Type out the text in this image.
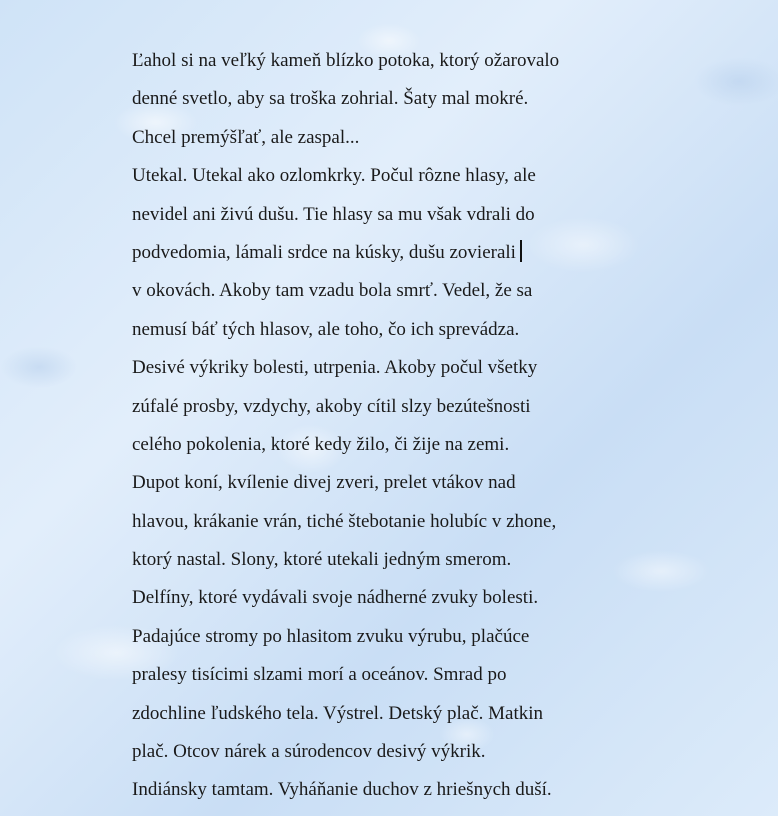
Ľahol si na veľký kameň blízko potoka, ktorý ožarovalo
denné svetlo, aby sa troška zohrial. Šaty mal mokré.
Chcel premýšľať, ale zaspal...
Utekal. Utekal ako ozlomkrky. Počul rôzne hlasy, ale
nevidel ani živú dušu. Tie hlasy sa mu však vdrali do
podvedomia, lámali srdce na kúsky, dušu zovierali
v okovách. Akoby tam vzadu bola smrť. Vedel, že sa
nemusí báť tých hlasov, ale toho, čo ich sprevádza.
Desivé výkriky bolesti, utrpenia. Akoby počul všetky
zúfalé prosby, vzdychy, akoby cítil slzy bezútešnosti
celého pokolenia, ktoré kedy žilo, či žije na zemi.
Dupot koní, kvílenie divej zveri, prelet vtákov nad
hlavou, krákanie vrán, tiché štebotanie holubíc v zhone,
ktorý nastal. Slony, ktoré utekali jedným smerom.
Delfíny, ktoré vydávali svoje nádherné zvuky bolesti.
Padajúce stromy po hlasitom zvuku výrubu, plačúce
pralesy tisícimi slzami morí a oceánov. Smrad po
zdochline ľudského tela. Výstrel. Detský plač. Matkin
plač. Otcov nárek a súrodencov desivý výkrik.
Indiánsky tamtam. Vyháňanie duchov z hriešnych duší.
